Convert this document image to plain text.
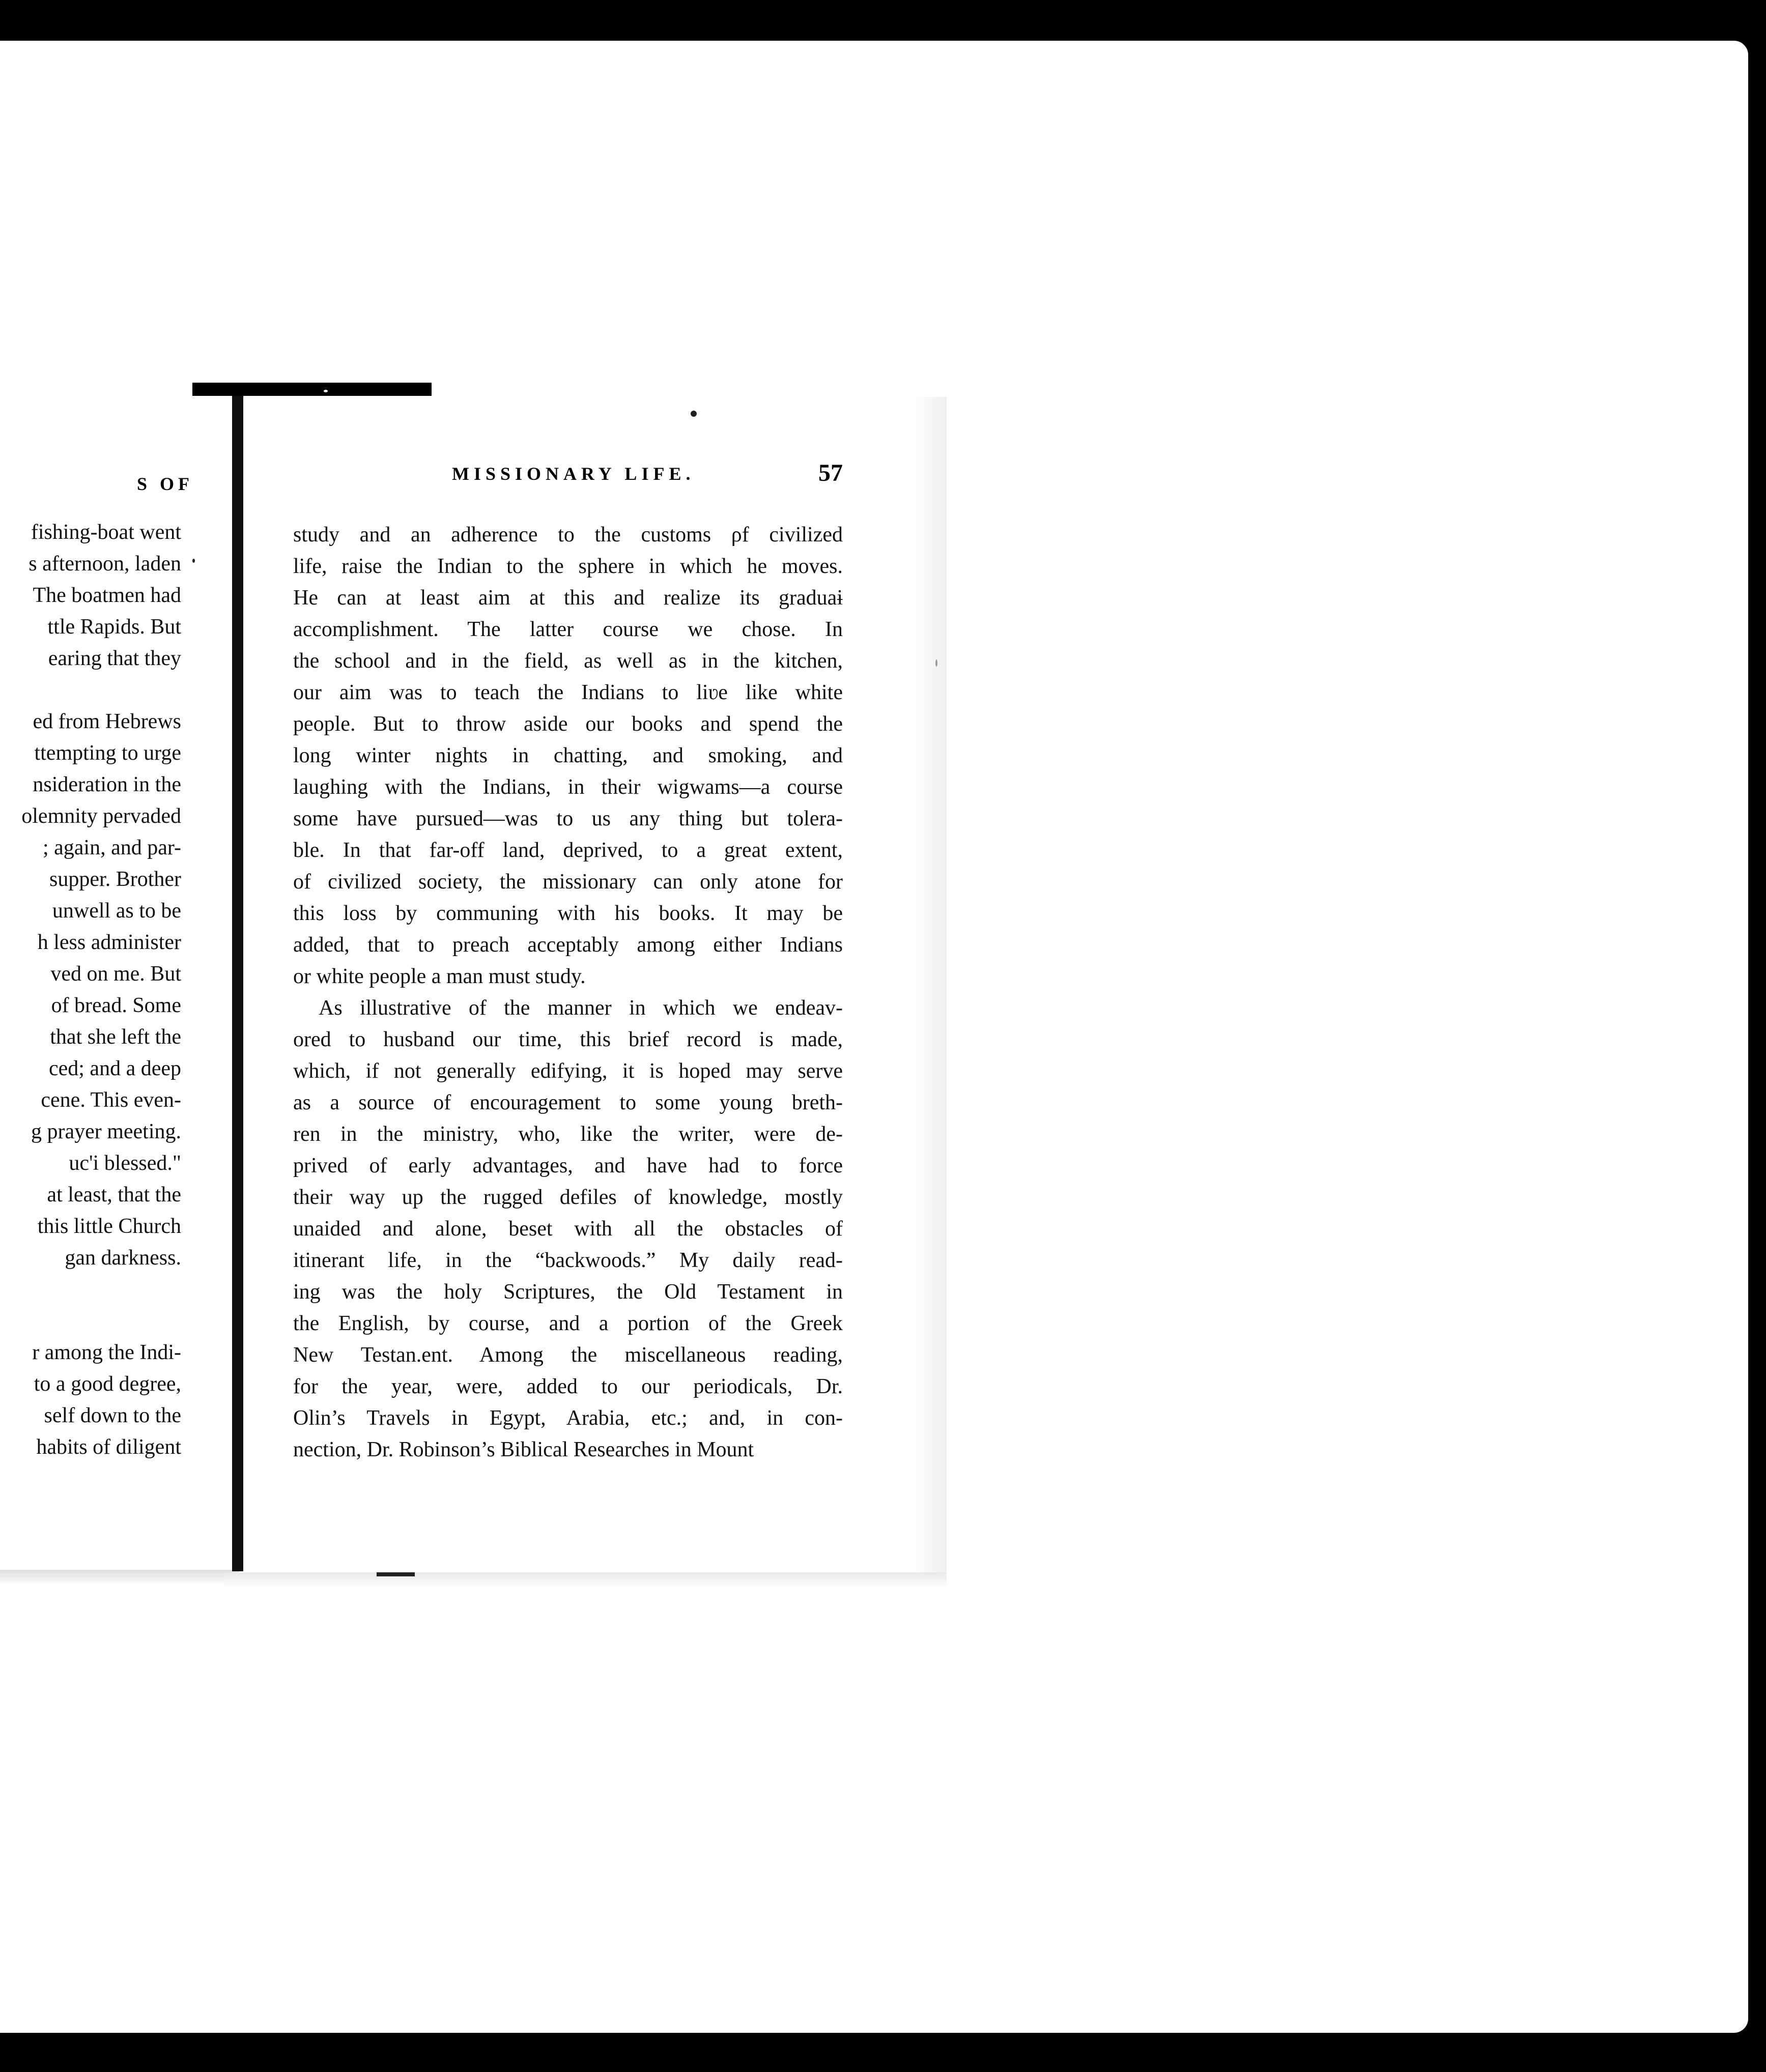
S OF
fishing-boat went
s afternoon, laden
The boatmen had
ttle Rapids. But
earing that they
ed from Hebrews
ttempting to urge
nsideration in the
olemnity pervaded
; again, and par-
supper. Brother
unwell as to be
h less administer
ved on me. But
of bread. Some
that she left the
ced; and a deep
cene. This even-
g prayer meeting.
uc'i blessed."
at least, that the
this little Church
gan darkness.
r among the Indi-
to a good degree,
self down to the
habits of diligent
MISSIONARY LIFE.	57
study and an adherence to the customs ρf civilized
life, raise the Indian to the sphere in which he moves.
He can at least aim at this and realize its graduaɨ
accomplishment. The latter course we chose. In
the school and in the field, as well as in the kitchen,
our aim was to teach the Indians to liʋe like white
people. But to throw aside our books and spend the
long winter nights in chatting, and smoking, and
laughing with the Indians, in their wigwams—a course
some have pursued—was to us any thing but tolera-
ble. In that far-off land, deprived, to a great extent,
of civilized society, the missionary can only atone for
this loss by communing with his books. It may be
added, that to preach acceptably among either Indians
or white people a man must study.
As illustrative of the manner in which we endeav-
ored to husband our time, this brief record is made,
which, if not generally edifying, it is hoped may serve
as a source of encouragement to some young breth-
ren in the ministry, who, like the writer, were de-
prived of early advantages, and have had to force
their way up the rugged defiles of knowledge, mostly
unaided and alone, beset with all the obstacles of
itinerant life, in the “backwoods.” My daily read-
ing was the holy Scriptures, the Old Testament in
the English, by course, and a portion of the Greek
New Testan.ent. Among the miscellaneous reading,
for the year, were, added to our periodicals, Dr.
Olin’s Travels in Egypt, Arabia, etc.; and, in con-
nection, Dr. Robinson’s Biblical Researches in Mount
